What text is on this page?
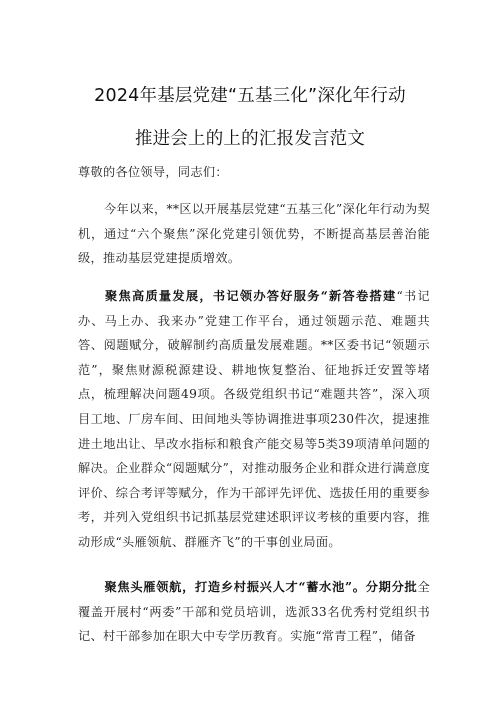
2024年基层党建“五基三化”深化年行动
推进会上的上的汇报发言范文
尊敬的各位领导，同志们：
今年以来，**区以开展基层党建“五基三化”深化年行动为契机，通过“六个聚焦”深化党建引领优势，不断提高基层善治能级，推动基层党建提质增效。
聚焦高质量发展，书记领办答好服务“新答卷搭建“书记办、马上办、我来办”党建工作平台，通过领题示范、难题共答、阅题赋分，破解制约高质量发展难题。**区委书记“领题示范”，聚焦财源税源建设、耕地恢复整治、征地拆迁安置等堵点，梳理解决问题49项。各级党组织书记“难题共答”，深入项目工地、厂房车间、田间地头等协调推进事项230件次，提速推进土地出让、旱改水指标和粮食产能交易等5类39项清单问题的解决。企业群众“阅题赋分”，对推动服务企业和群众进行满意度评价、综合考评等赋分，作为干部评先评优、选拔任用的重要参考，并列入党组织书记抓基层党建述职评议考核的重要内容，推动形成“头雁领航、群雁齐飞”的干事创业局面。
聚焦头雁领航，打造乡村振兴人才“蓄水池”。分期分批全覆盖开展村“两委”干部和党员培训，选派33名优秀村党组织书记、村干部参加在职大中专学历教育。实施“常青工程”，储备
